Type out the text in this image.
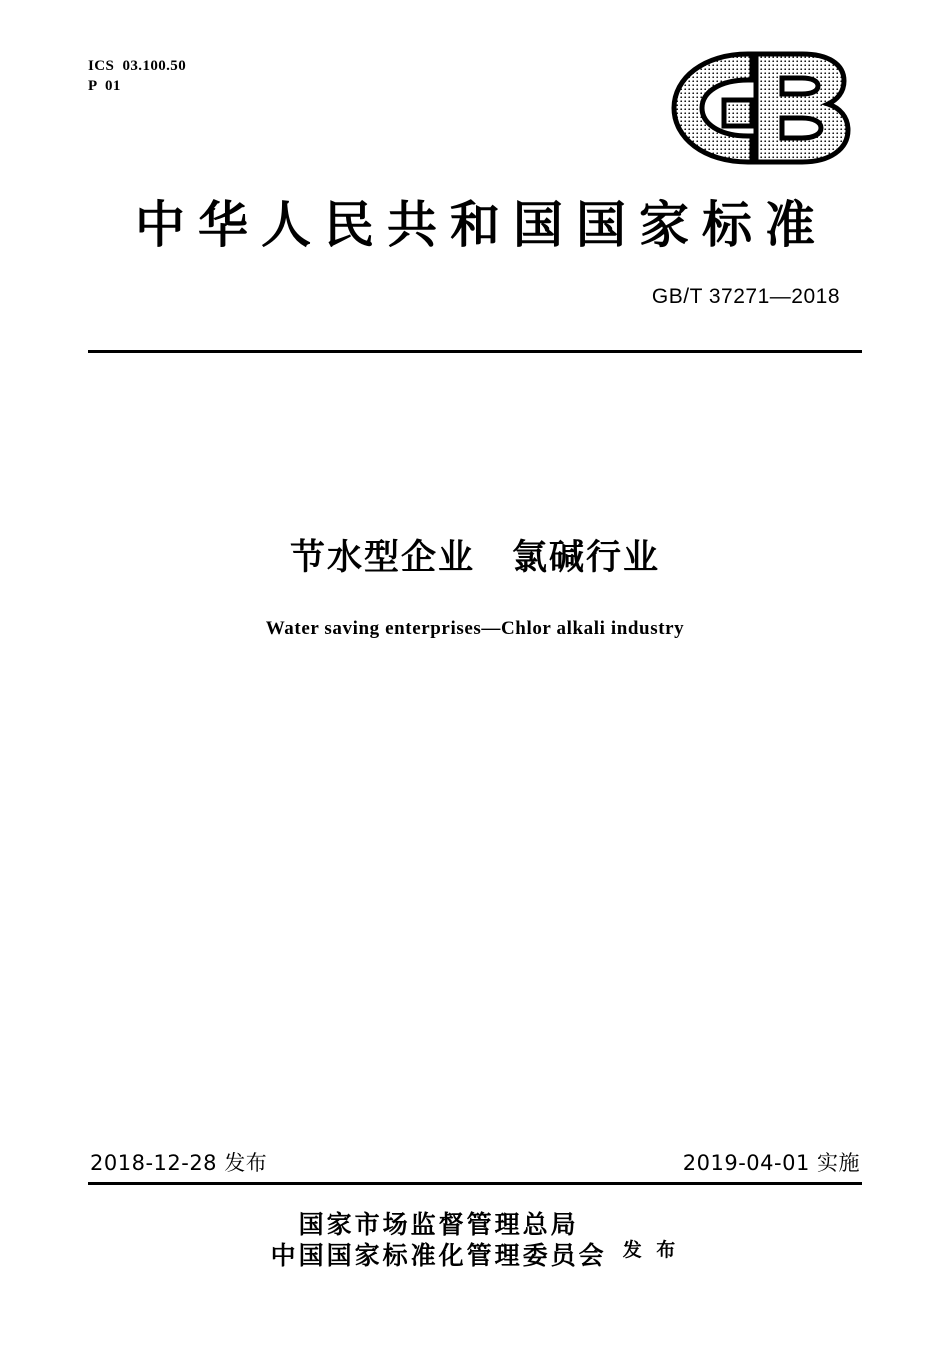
ICS  03.100.50
P  01
中华人民共和国国家标准
GB/T 37271—2018
节水型企业　氯碱行业
Water saving enterprises—Chlor alkali industry
2018-12-28 发布	2019-04-01 实施
国家市场监督管理总局
中国国家标准化管理委员会 发 布
